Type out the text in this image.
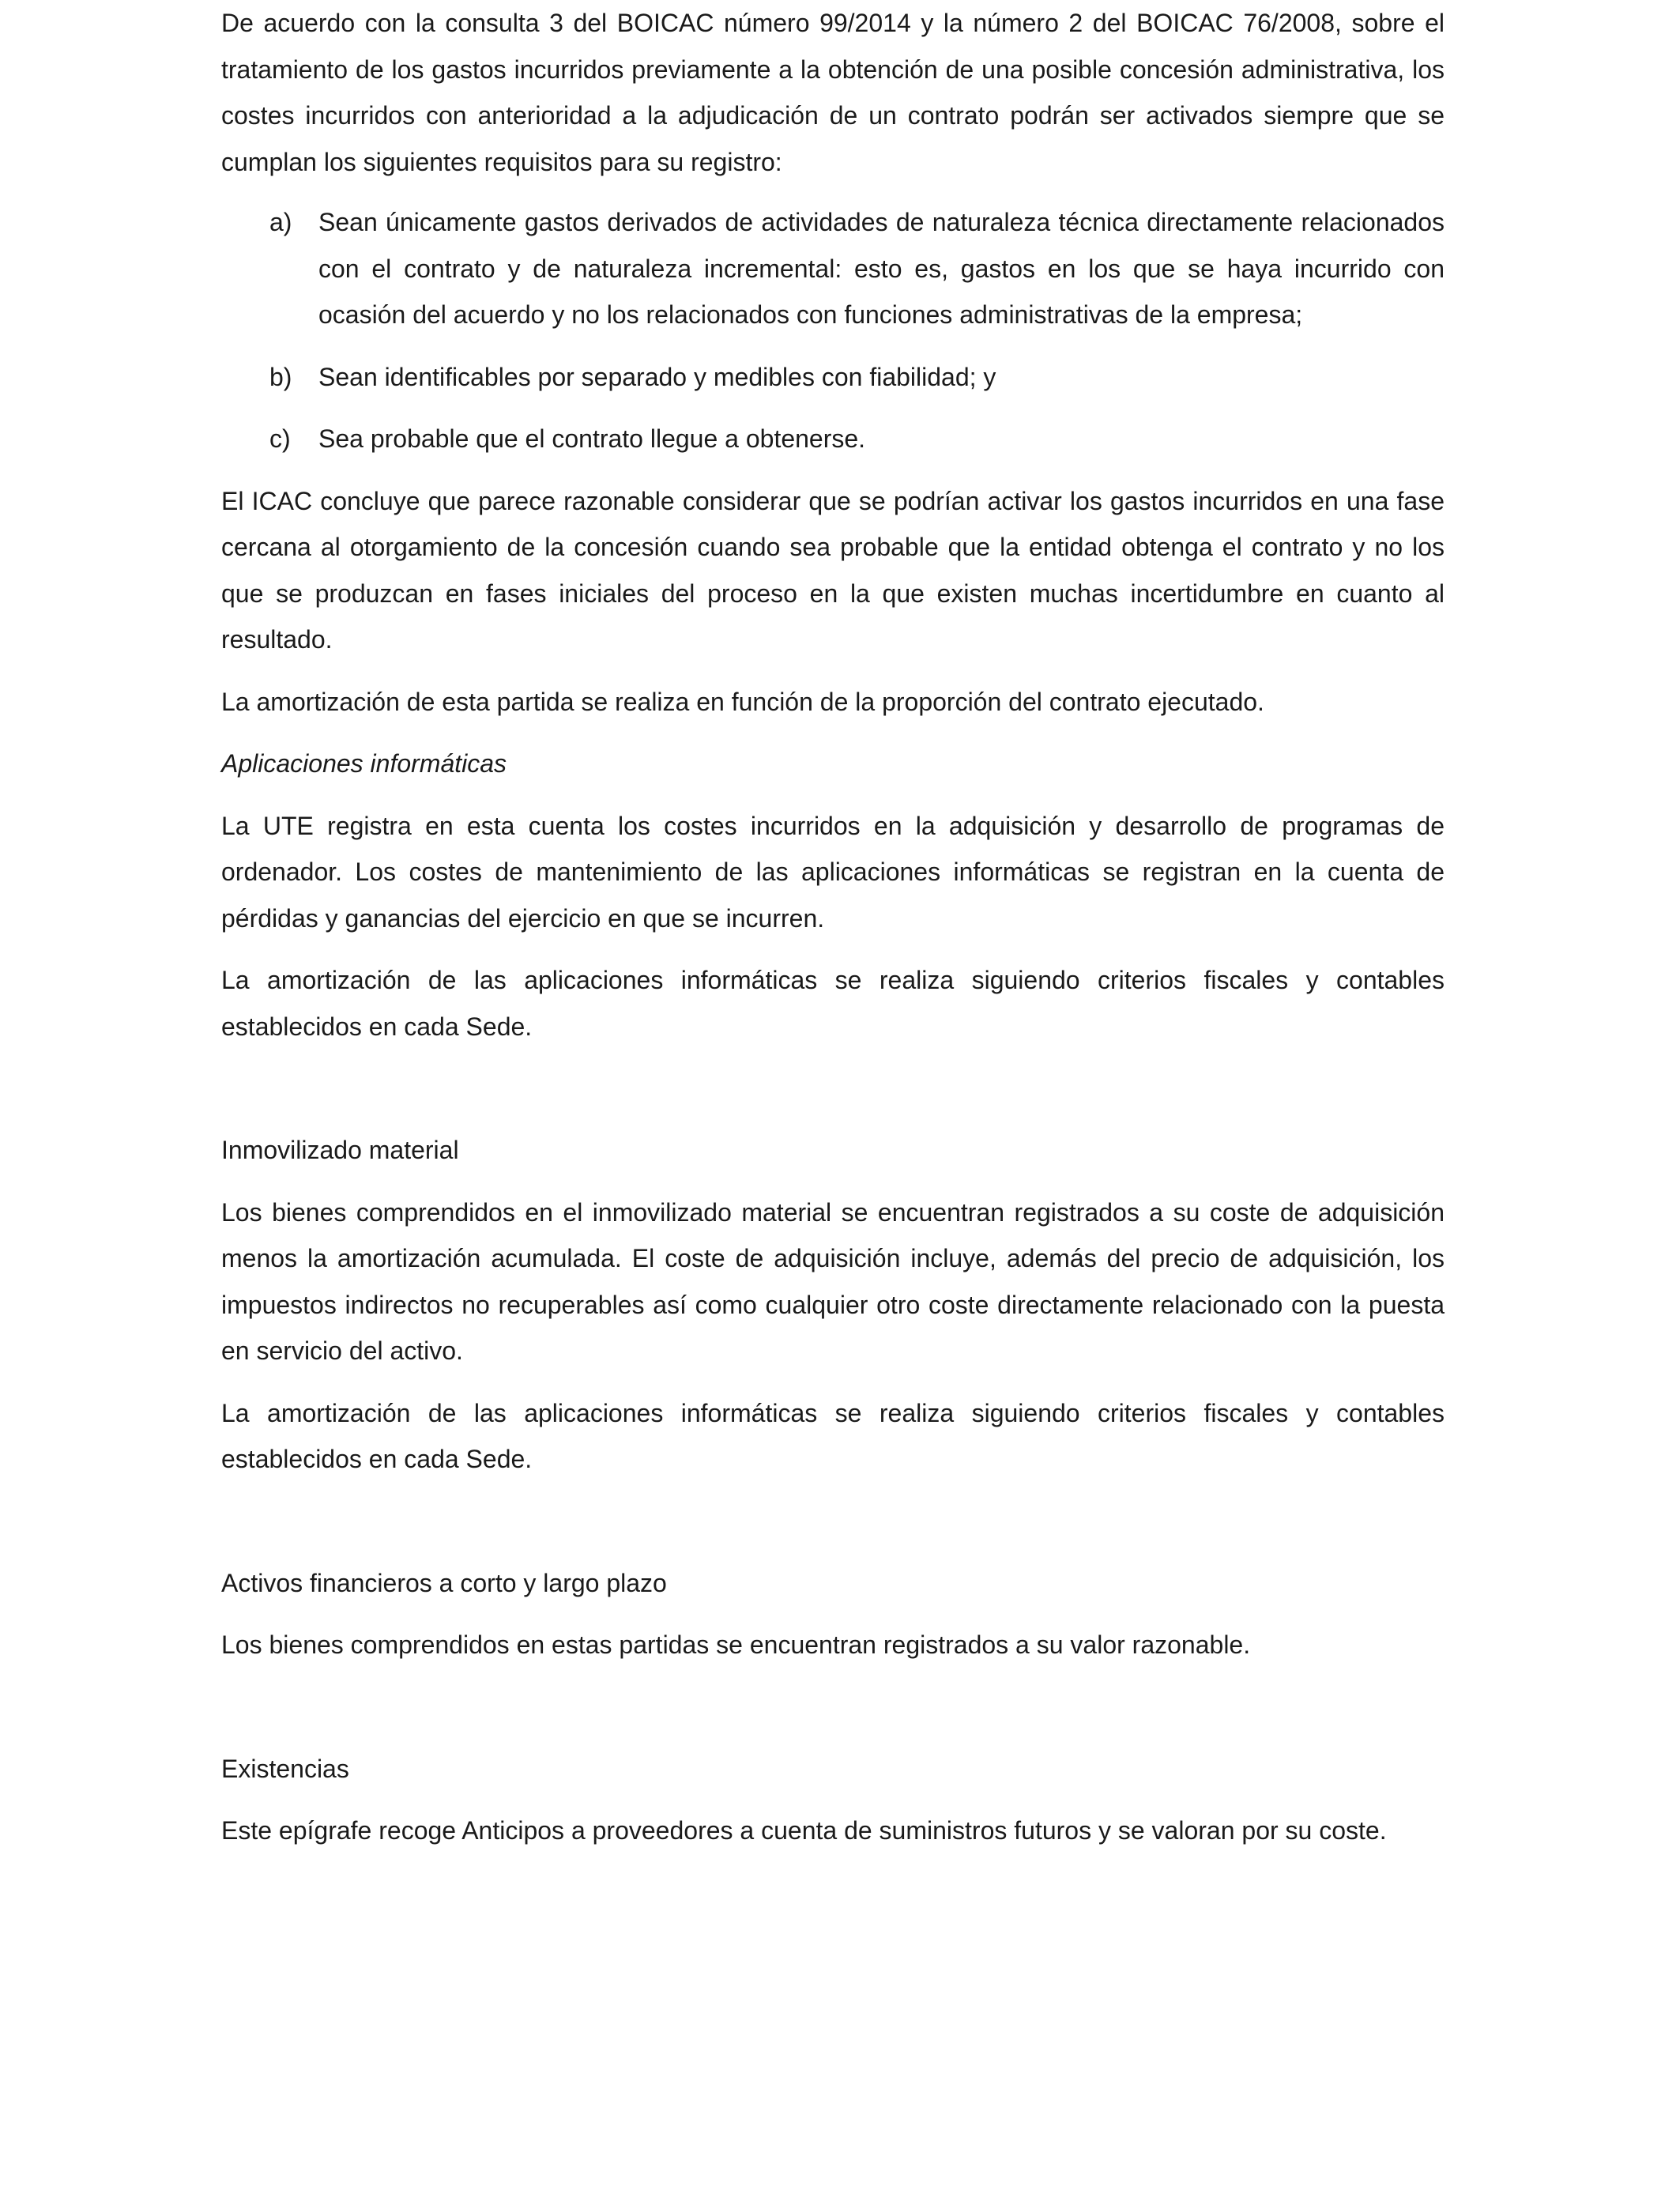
De acuerdo con la consulta 3 del BOICAC número 99/2014 y la número 2 del BOICAC 76/2008, sobre el tratamiento de los gastos incurridos previamente a la obtención de una posible concesión administrativa, los costes incurridos con anterioridad a la adjudicación de un contrato podrán ser activados siempre que se cumplan los siguientes requisitos para su registro:

a) Sean únicamente gastos derivados de actividades de naturaleza técnica directamente relacionados con el contrato y de naturaleza incremental: esto es, gastos en los que se haya incurrido con ocasión del acuerdo y no los relacionados con funciones administrativas de la empresa;
b) Sean identificables por separado y medibles con fiabilidad; y
c) Sea probable que el contrato llegue a obtenerse.

El ICAC concluye que parece razonable considerar que se podrían activar los gastos incurridos en una fase cercana al otorgamiento de la concesión cuando sea probable que la entidad obtenga el contrato y no los que se produzcan en fases iniciales del proceso en la que existen muchas incertidumbre en cuanto al resultado.

La amortización de esta partida se realiza en función de la proporción del contrato ejecutado.

Aplicaciones informáticas

La UTE registra en esta cuenta los costes incurridos en la adquisición y desarrollo de programas de ordenador. Los costes de mantenimiento de las aplicaciones informáticas se registran en la cuenta de pérdidas y ganancias del ejercicio en que se incurren.

La amortización de las aplicaciones informáticas se realiza siguiendo criterios fiscales y contables establecidos en cada Sede.

Inmovilizado material

Los bienes comprendidos en el inmovilizado material se encuentran registrados a su coste de adquisición menos la amortización acumulada. El coste de adquisición incluye, además del precio de adquisición, los impuestos indirectos no recuperables así como cualquier otro coste directamente relacionado con la puesta en servicio del activo.

La amortización de las aplicaciones informáticas se realiza siguiendo criterios fiscales y contables establecidos en cada Sede.

Activos financieros a corto y largo plazo

Los bienes comprendidos en estas partidas se encuentran registrados a su valor razonable.

Existencias

Este epígrafe recoge Anticipos a proveedores a cuenta de suministros futuros y se valoran por su coste.
